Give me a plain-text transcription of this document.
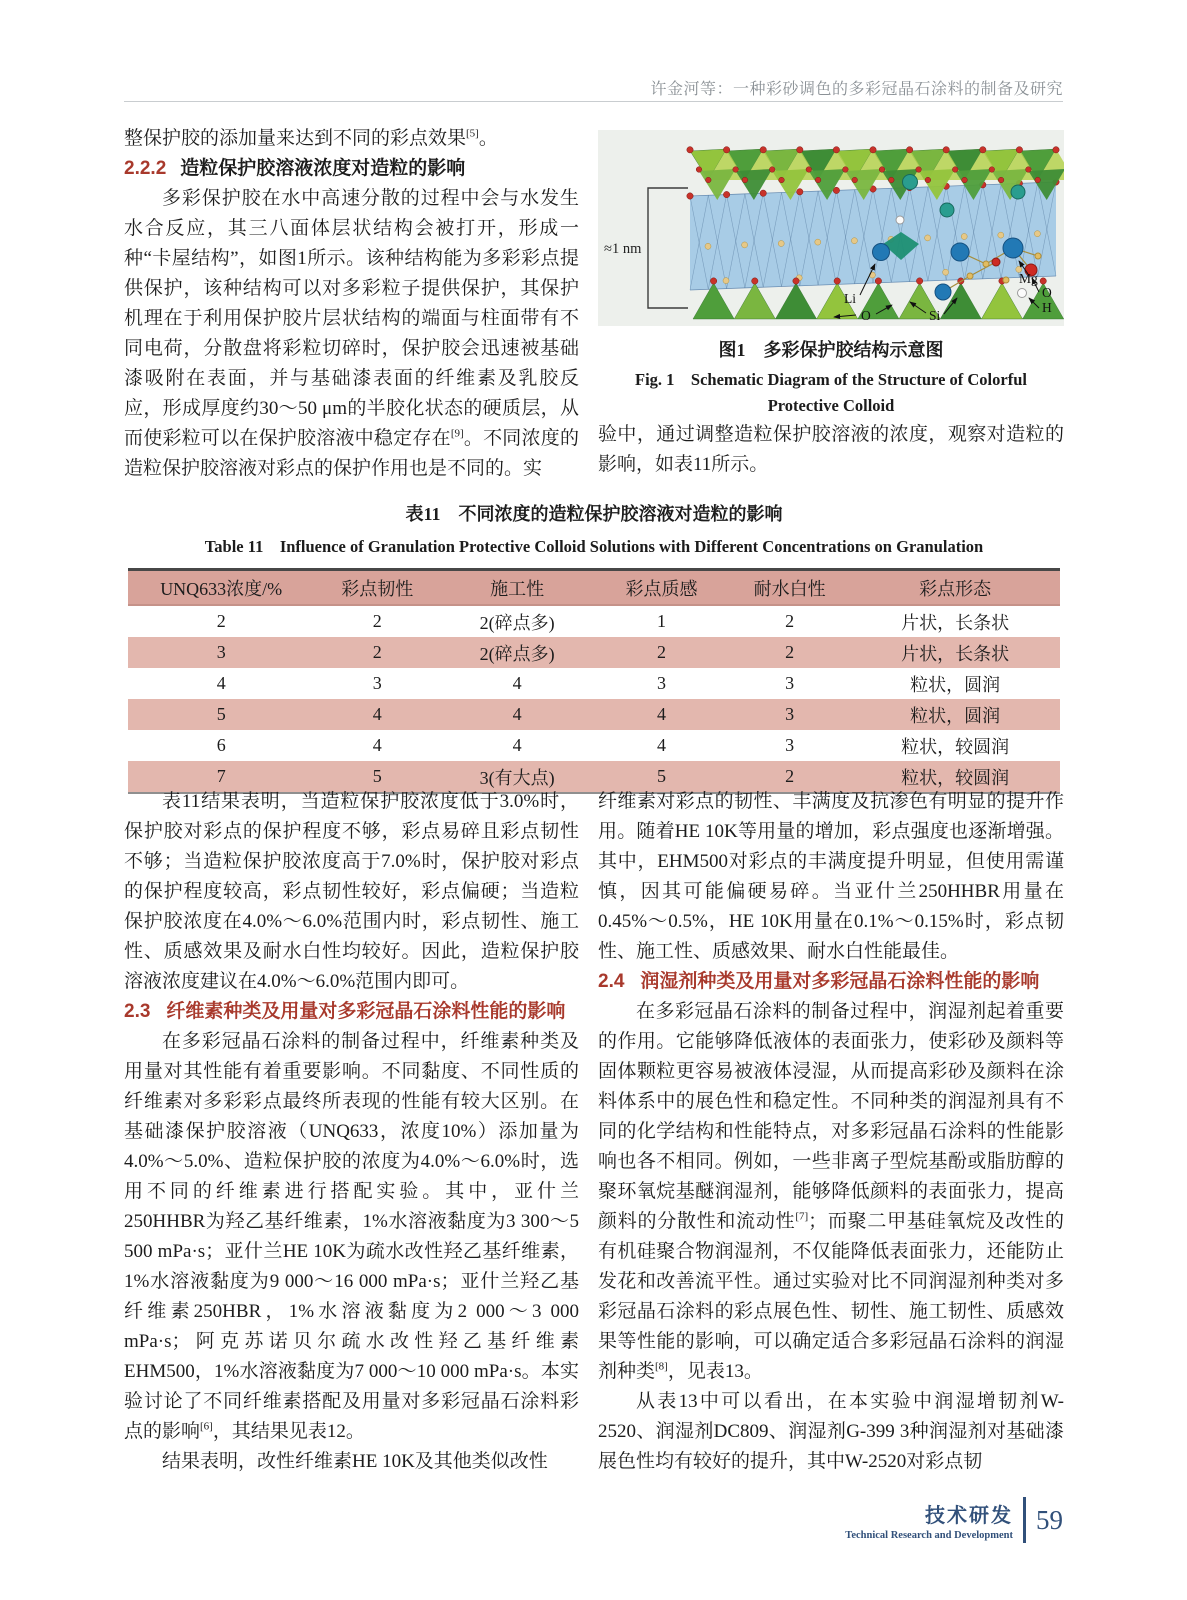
许金河等：一种彩砂调色的多彩冠晶石涂料的制备及研究

整保护胶的添加量来达到不同的彩点效果[5]。

2.2.2 造粒保护胶溶液浓度对造粒的影响

多彩保护胶在水中高速分散的过程中会与水发生水合反应，其三八面体层状结构会被打开，形成一种“卡屋结构”，如图1所示。该种结构能为多彩彩点提供保护，该种结构可以对多彩粒子提供保护，其保护机理在于利用保护胶片层状结构的端面与柱面带有不同电荷，分散盘将彩粒切碎时，保护胶会迅速被基础漆吸附在表面，并与基础漆表面的纤维素及乳胶反应，形成厚度约30～50 μm的半胶化状态的硬质层，从而使彩粒可以在保护胶溶液中稳定存在[9]。不同浓度的造粒保护胶溶液对彩点的保护作用也是不同的。实

≈1 nm
Li
O	Si
Mg
O
H
图1　多彩保护胶结构示意图
Fig. 1　Schematic Diagram of the Structure of Colorful
Protective Colloid

验中，通过调整造粒保护胶溶液的浓度，观察对造粒的影响，如表11所示。

表11　不同浓度的造粒保护胶溶液对造粒的影响
Table 11　Influence of Granulation Protective Colloid Solutions with Different Concentrations on Granulation
UNQ633浓度/%	彩点韧性	施工性	彩点质感	耐水白性	彩点形态
2	2	2(碎点多)	1	2	片状，长条状
3	2	2(碎点多)	2	2	片状，长条状
4	3	4	3	3	粒状，圆润
5	4	4	4	3	粒状，圆润
6	4	4	4	3	粒状，较圆润
7	5	3(有大点)	5	2	粒状，较圆润

表11结果表明，当造粒保护胶浓度低于3.0%时，保护胶对彩点的保护程度不够，彩点易碎且彩点韧性不够；当造粒保护胶浓度高于7.0%时，保护胶对彩点的保护程度较高，彩点韧性较好，彩点偏硬；当造粒保护胶浓度在4.0%～6.0%范围内时，彩点韧性、施工性、质感效果及耐水白性均较好。因此，造粒保护胶溶液浓度建议在4.0%～6.0%范围内即可。

2.3 纤维素种类及用量对多彩冠晶石涂料性能的影响

在多彩冠晶石涂料的制备过程中，纤维素种类及用量对其性能有着重要影响。不同黏度、不同性质的纤维素对多彩彩点最终所表现的性能有较大区别。在基础漆保护胶溶液（UNQ633，浓度10%）添加量为4.0%～5.0%、造粒保护胶的浓度为4.0%～6.0%时，选用不同的纤维素进行搭配实验。其中，亚什兰250HHBR为羟乙基纤维素，1%水溶液黏度为3 300～5 500 mPa·s；亚什兰HE 10K为疏水改性羟乙基纤维素，1%水溶液黏度为9 000～16 000 mPa·s；亚什兰羟乙基纤维素250HBR，1%水溶液黏度为2 000～3 000 mPa·s；阿克苏诺贝尔疏水改性羟乙基纤维素EHM500，1%水溶液黏度为7 000～10 000 mPa·s。本实验讨论了不同纤维素搭配及用量对多彩冠晶石涂料彩点的影响[6]，其结果见表12。

结果表明，改性纤维素HE 10K及其他类似改性

纤维素对彩点的韧性、丰满度及抗渗色有明显的提升作用。随着HE 10K等用量的增加，彩点强度也逐渐增强。其中，EHM500对彩点的丰满度提升明显，但使用需谨慎，因其可能偏硬易碎。当亚什兰250HHBR用量在0.45%～0.5%，HE 10K用量在0.1%～0.15%时，彩点韧性、施工性、质感效果、耐水白性能最佳。

2.4 润湿剂种类及用量对多彩冠晶石涂料性能的影响

在多彩冠晶石涂料的制备过程中，润湿剂起着重要的作用。它能够降低液体的表面张力，使彩砂及颜料等固体颗粒更容易被液体浸湿，从而提高彩砂及颜料在涂料体系中的展色性和稳定性。不同种类的润湿剂具有不同的化学结构和性能特点，对多彩冠晶石涂料的性能影响也各不相同。例如，一些非离子型烷基酚或脂肪醇的聚环氧烷基醚润湿剂，能够降低颜料的表面张力，提高颜料的分散性和流动性[7]；而聚二甲基硅氧烷及改性的有机硅聚合物润湿剂，不仅能降低表面张力，还能防止发花和改善流平性。通过实验对比不同润湿剂种类对多彩冠晶石涂料的彩点展色性、韧性、施工韧性、质感效果等性能的影响，可以确定适合多彩冠晶石涂料的润湿剂种类[8]，见表13。

从表13中可以看出，在本实验中润湿增韧剂W-2520、润湿剂DC809、润湿剂G-399 3种润湿剂对基础漆展色性均有较好的提升，其中W-2520对彩点韧

技术研发
Technical Research and Development
59
